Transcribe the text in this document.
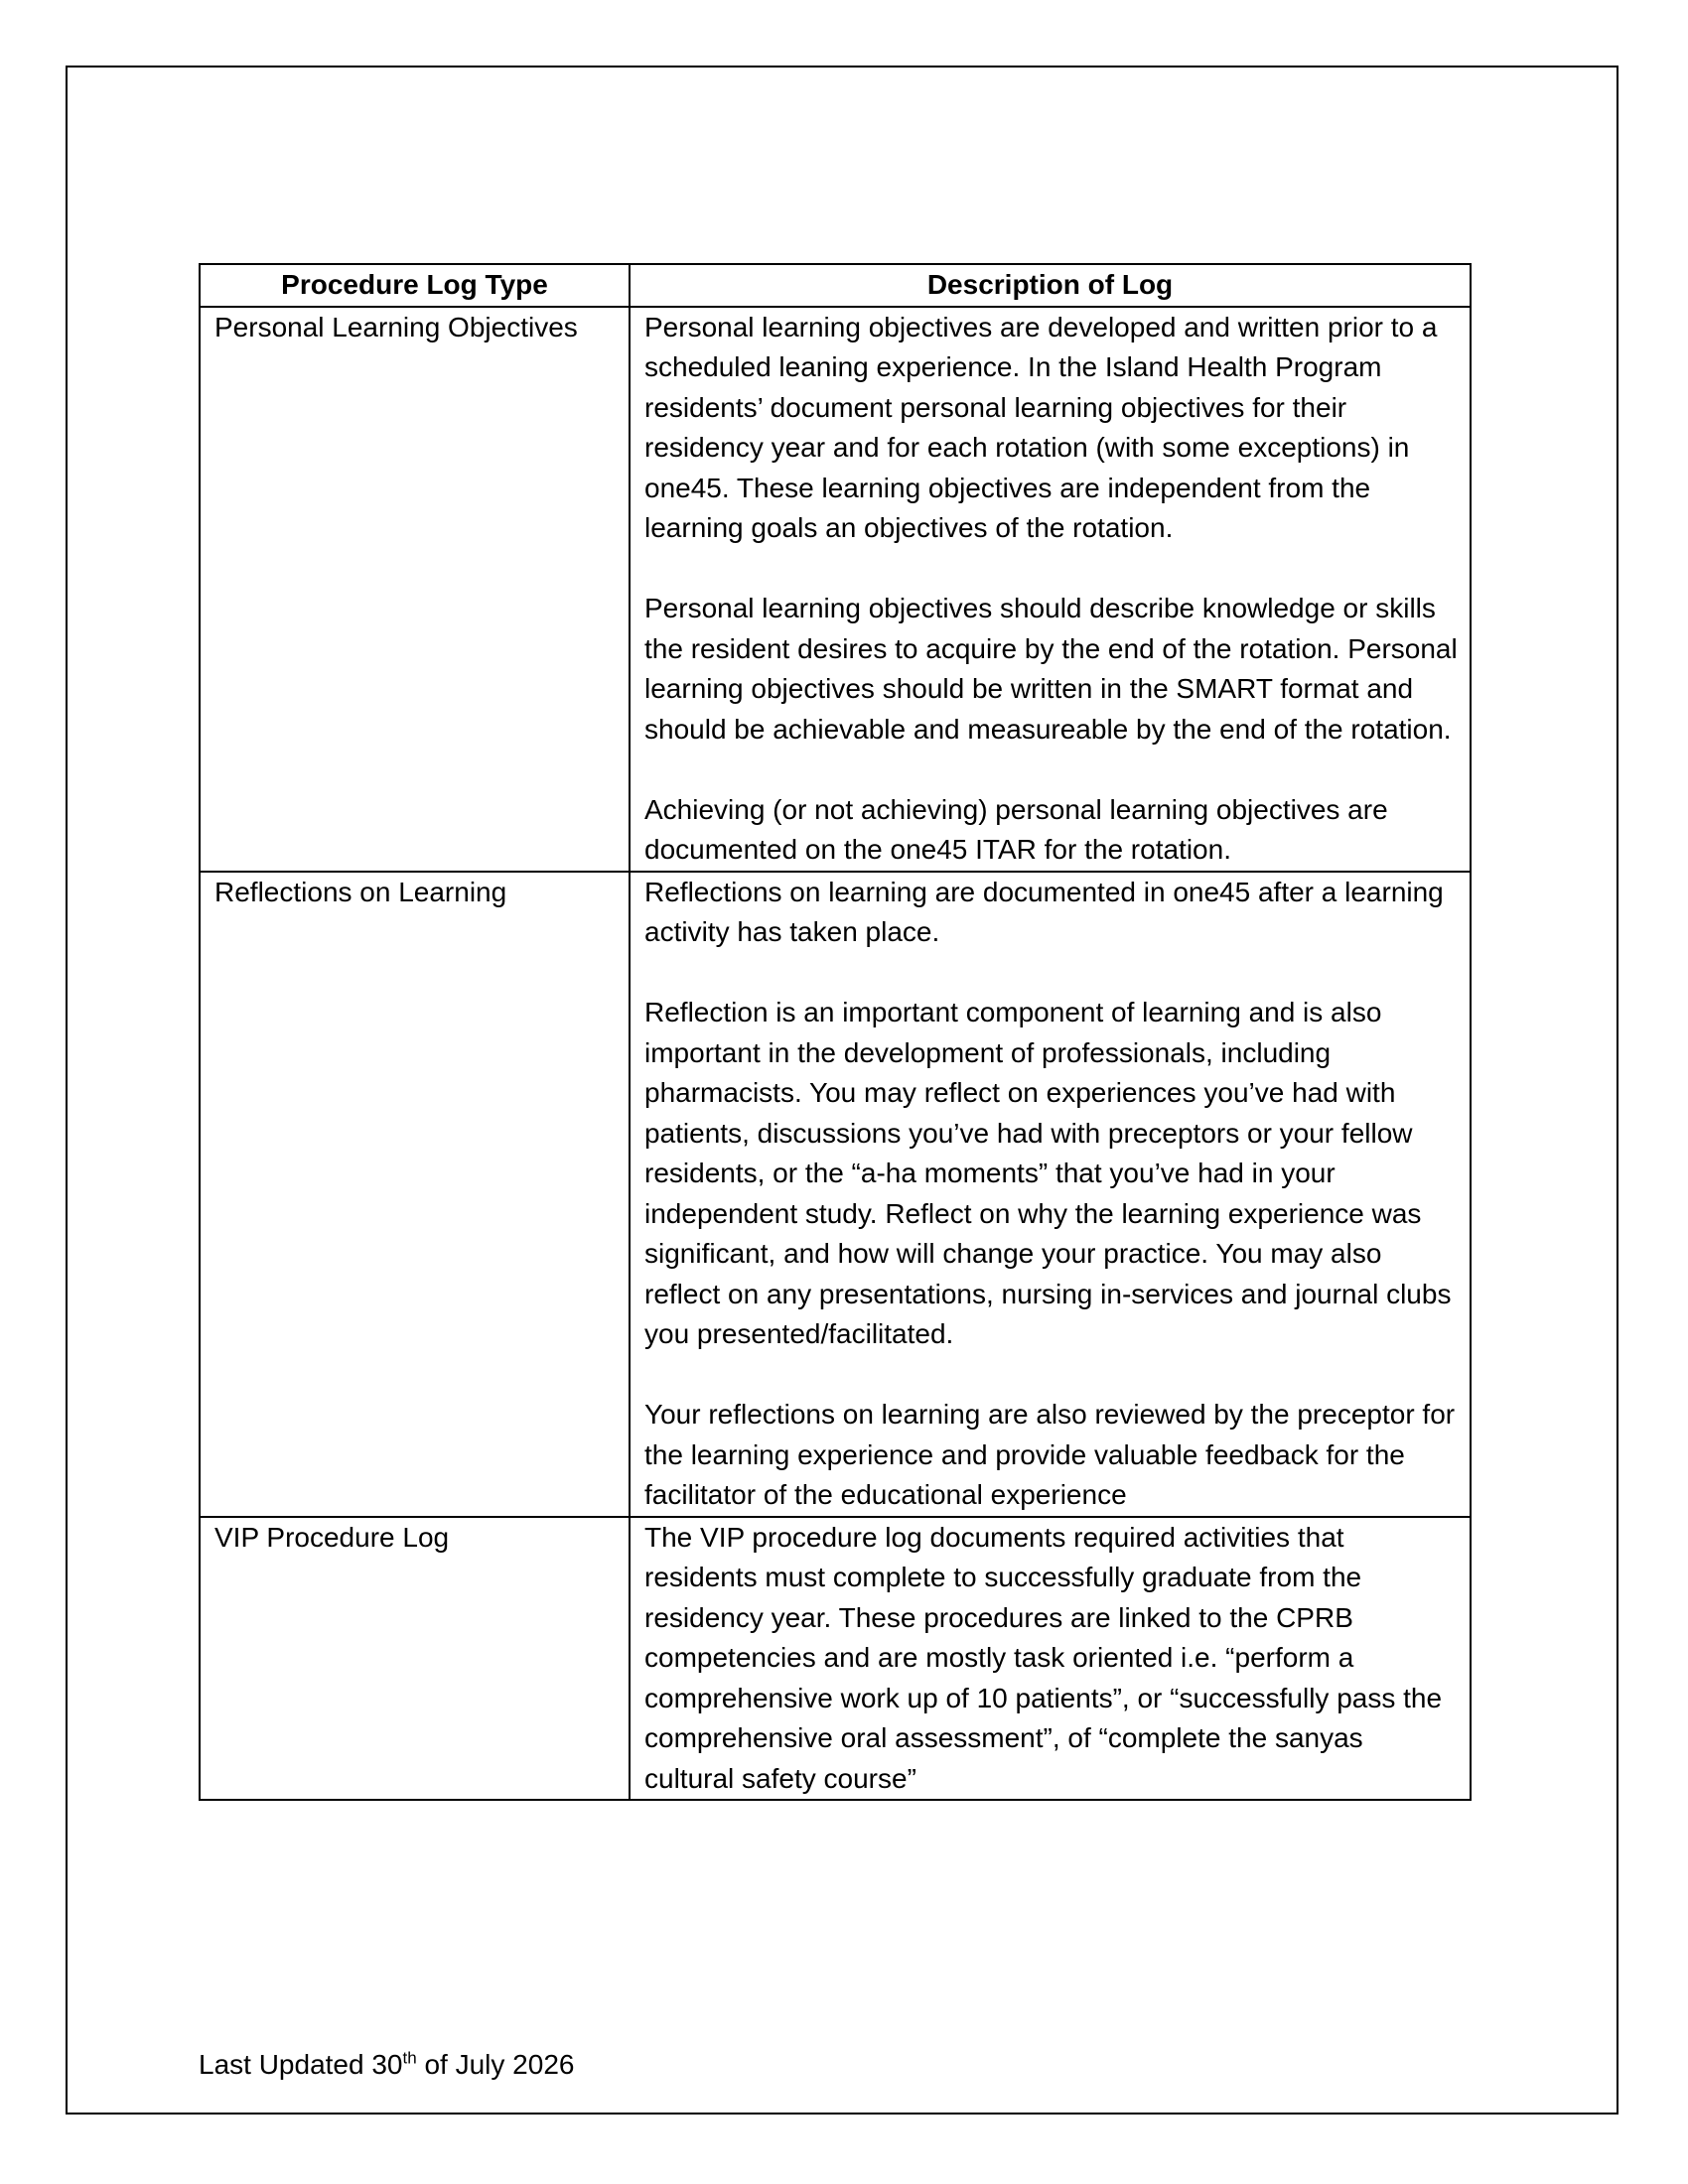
Procedure Log Type	Description of Log
Personal Learning Objectives	Personal learning objectives are developed and written prior to a scheduled leaning experience. In the Island Health Program residents’ document personal learning objectives for their residency year and for each rotation (with some exceptions) in one45. These learning objectives are independent from the learning goals an objectives of the rotation.

Personal learning objectives should describe knowledge or skills the resident desires to acquire by the end of the rotation. Personal learning objectives should be written in the SMART format and should be achievable and measureable by the end of the rotation.

Achieving (or not achieving) personal learning objectives are documented on the one45 ITAR for the rotation.

Reflections on Learning	Reflections on learning are documented in one45 after a learning activity has taken place.

Reflection is an important component of learning and is also important in the development of professionals, including pharmacists. You may reflect on experiences you’ve had with patients, discussions you’ve had with preceptors or your fellow residents, or the “a-ha moments” that you’ve had in your independent study. Reflect on why the learning experience was significant, and how will change your practice. You may also reflect on any presentations, nursing in-services and journal clubs you presented/facilitated.

Your reflections on learning are also reviewed by the preceptor for the learning experience and provide valuable feedback for the facilitator of the educational experience

VIP Procedure Log	The VIP procedure log documents required activities that residents must complete to successfully graduate from the residency year. These procedures are linked to the CPRB competencies and are mostly task oriented i.e. “perform a comprehensive work up of 10 patients”, or “successfully pass the comprehensive oral assessment”, of “complete the sanyas cultural safety course”

Last Updated 30th of July 2026
